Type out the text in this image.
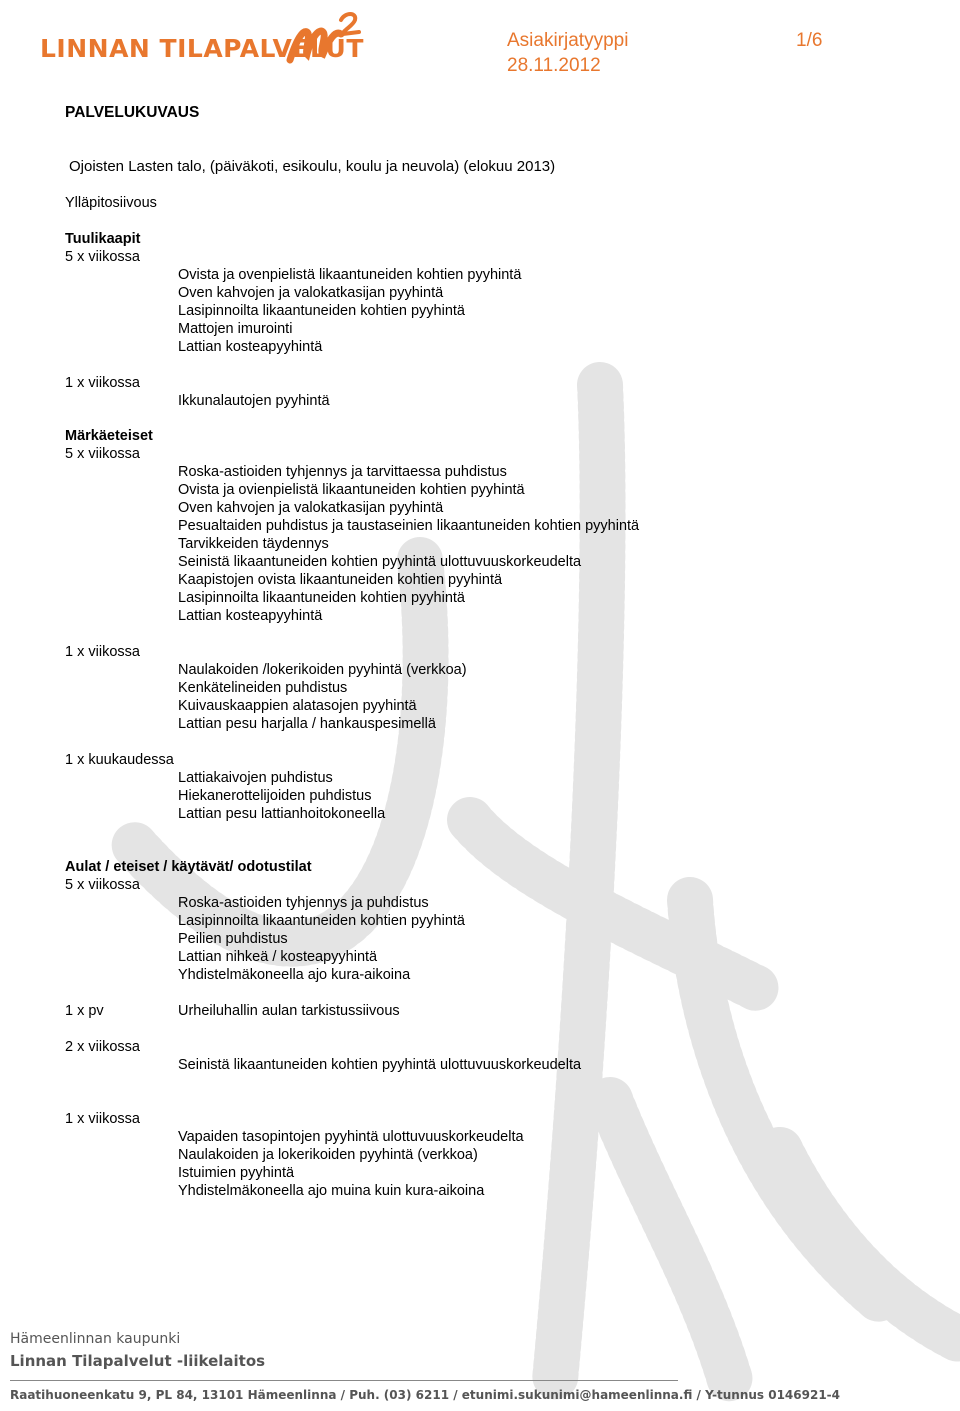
LINNAN TILAPALVELUT	Asiakirjatyyppi
28.11.2012
1/6
PALVELUKUVAUS
Ojoisten Lasten talo, (päiväkoti, esikoulu, koulu ja neuvola) (elokuu 2013)
Ylläpitosiivous
Tuulikaapit
5 x viikossa
Ovista ja ovenpielistä likaantuneiden kohtien pyyhintä
Oven kahvojen ja valokatkasijan pyyhintä
Lasipinnoilta likaantuneiden kohtien pyyhintä
Mattojen imurointi
Lattian kosteapyyhintä
1 x viikossa
Ikkunalautojen pyyhintä
Märkäeteiset
5 x viikossa
Roska-astioiden tyhjennys ja tarvittaessa puhdistus
Ovista ja ovienpielistä likaantuneiden kohtien pyyhintä
Oven kahvojen ja valokatkasijan pyyhintä
Pesualtaiden puhdistus ja taustaseinien likaantuneiden kohtien pyyhintä
Tarvikkeiden täydennys
Seinistä likaantuneiden kohtien pyyhintä ulottuvuuskorkeudelta
Kaapistojen ovista likaantuneiden kohtien pyyhintä
Lasipinnoilta likaantuneiden kohtien pyyhintä
Lattian kosteapyyhintä
1 x viikossa
Naulakoiden /lokerikoiden pyyhintä (verkkoa)
Kenkätelineiden puhdistus
Kuivauskaappien alatasojen pyyhintä
Lattian pesu harjalla / hankauspesimellä
1 x kuukaudessa
Lattiakaivojen puhdistus
Hiekanerottelijoiden puhdistus
Lattian pesu lattianhoitokoneella
Aulat / eteiset / käytävät/ odotustilat
5 x viikossa
Roska-astioiden tyhjennys ja puhdistus
Lasipinnoilta likaantuneiden kohtien pyyhintä
Peilien puhdistus
Lattian nihkeä / kosteapyyhintä
Yhdistelmäkoneella ajo kura-aikoina
1 x pv	Urheiluhallin aulan tarkistussiivous
2 x viikossa
Seinistä likaantuneiden kohtien pyyhintä ulottuvuuskorkeudelta
1 x viikossa
Vapaiden tasopintojen pyyhintä ulottuvuuskorkeudelta
Naulakoiden ja lokerikoiden pyyhintä (verkkoa)
Istuimien pyyhintä
Yhdistelmäkoneella ajo muina kuin kura-aikoina
Hämeenlinnan kaupunki
Linnan Tilapalvelut -liikelaitos
Raatihuoneenkatu 9, PL 84, 13101 Hämeenlinna / Puh. (03) 6211 / etunimi.sukunimi@hameenlinna.fi / Y-tunnus 0146921-4
